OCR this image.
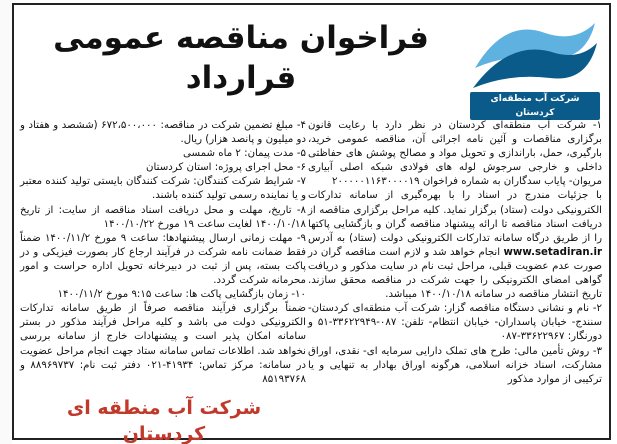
فراخوان مناقصه عمومی قرارداد
شرکت آب منطقه‌ای کردستان

۱- شرکت آب منطقه‌ای کردستان در نظر دارد با رعایت قانون برگزاری مناقصات و آئین نامه اجرائی آن، مناقصه عمومی خرید، بارگیری، حمل، باراندازی و تحویل مواد و مصالح پوشش های حفاظتی داخلی و خارجی سرجوش لوله های فولادی شبکه اصلی آبیاری مریوان- پایاب سدگاران به شماره فراخوان ۲۰۰۰۰۰۱۱۶۳۰۰۰۰۱۹

با جزئیات مندرج در اسناد را با بهره‌گیری از سامانه تدارکات الکترونیکی دولت (ستاد) برگزار نماید. کلیه مراحل برگزاری مناقصه از دریافت اسناد مناقصه تا ارائه پیشنهاد مناقصه گران و بازگشایی پاکتها را از طریق درگاه سامانه تدارکات الکترونیکی دولت (ستاد) به آدرس www.setadiran.ir انجام خواهد شد و لازم است مناقصه گران در صورت عدم عضویت قبلی، مراحل ثبت نام در سایت مذکور و دریافت گواهی امضای الکترونیکی را جهت شرکت در مناقصه محقق سازند. تاریخ انتشار مناقصه در سامانه ۱۴۰۰/۱۰/۱۸ میباشد.

۲- نام و نشانی دستگاه مناقصه گزار: شرکت آب منطقه‌ای کردستان- سنندج- خیابان پاسداران- خیابان انتظام- تلفن: ۰۸۷-۳۳۶۲۲۹۴۹-۵۱ و دورنگار: ۳۳۶۲۲۹۶۷-۰۸۷

۳- روش تأمین مالی: طرح های تملک دارایی سرمایه ای- نقدی، اوراق مشارکت، اسناد خزانه اسلامی، هرگونه اوراق بهادار به تنهایی و یا ترکیبی از موارد مذکور

۴- مبلغ تضمین شرکت در مناقصه: ۶۷۲،۵۰۰،۰۰۰ (ششصد و هفتاد و دو میلیون و پانصد هزار) ریال.

۵- مدت پیمان: ۲ ماه شمسی

۶- محل اجرای پروژه: استان کردستان

۷- شرایط شرکت کنندگان: شرکت کنندگان بایستی تولید کننده معتبر و یا نماینده رسمی تولید کننده باشند.

۸- تاریخ، مهلت و محل دریافت اسناد مناقصه از سایت: از تاریخ ۱۴۰۰/۱۰/۱۸ لغایت ساعت ۱۹ مورخ ۱۴۰۰/۱۰/۲۲

۹- مهلت زمانی ارسال پیشنهادها: ساعت ۹ مورخ ۱۴۰۰/۱۱/۲ ضمناً فقط ضمانت نامه شرکت در فرآیند ارجاع کار بصورت فیزیکی و در پاکت بسته، پس از ثبت در دبیرخانه تحویل اداره حراست و امور محرمانه شرکت گردد.

۱۰- زمان بازگشایی پاکت ها: ساعت ۹:۱۵ مورخ ۱۴۰۰/۱۱/۲

ضمناً برگزاری فرآیند مناقصه صرفاً از طریق سامانه تدارکات الکترونیکی دولت می باشد و کلیه مراحل فرآیند مذکور در بستر سامانه امکان پذیر است و پیشنهادات خارج از سامانه بررسی نخواهد شد. اطلاعات تماس سامانه ستاد جهت انجام مراحل عضویت در سامانه: مرکز تماس: ۴۱۹۳۴-۰۲۱ دفتر ثبت نام: ۸۸۹۶۹۷۳۷ و ۸۵۱۹۳۷۶۸

شرکت آب منطقه ای کردستان
